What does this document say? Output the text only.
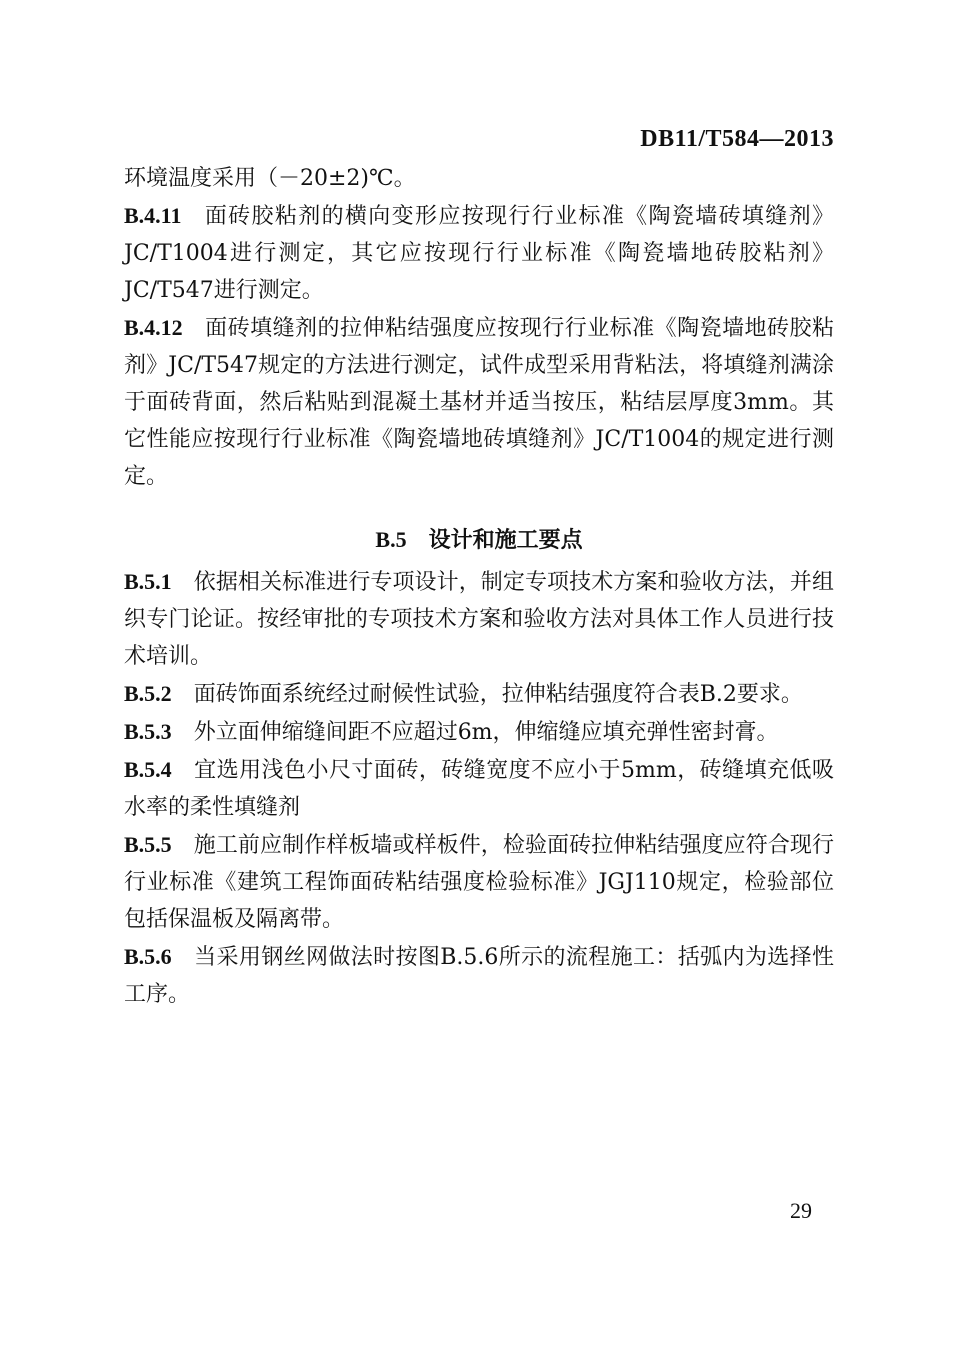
DB11/T584—2013

环境温度采用（－20±2)℃。

B.4.11 面砖胶粘剂的横向变形应按现行行业标准《陶瓷墙砖填缝剂》JC/T1004进行测定，其它应按现行行业标准《陶瓷墙地砖胶粘剂》JC/T547进行测定。

B.4.12 面砖填缝剂的拉伸粘结强度应按现行行业标准《陶瓷墙地砖胶粘剂》JC/T547规定的方法进行测定，试件成型采用背粘法，将填缝剂满涂于面砖背面，然后粘贴到混凝土基材并适当按压，粘结层厚度3mm。其它性能应按现行行业标准《陶瓷墙地砖填缝剂》JC/T1004的规定进行测定。

B.5 设计和施工要点

B.5.1 依据相关标准进行专项设计，制定专项技术方案和验收方法，并组织专门论证。按经审批的专项技术方案和验收方法对具体工作人员进行技术培训。

B.5.2 面砖饰面系统经过耐候性试验，拉伸粘结强度符合表B.2要求。

B.5.3 外立面伸缩缝间距不应超过6m，伸缩缝应填充弹性密封膏。

B.5.4 宜选用浅色小尺寸面砖，砖缝宽度不应小于5mm，砖缝填充低吸水率的柔性填缝剂

B.5.5 施工前应制作样板墙或样板件，检验面砖拉伸粘结强度应符合现行行业标准《建筑工程饰面砖粘结强度检验标准》JGJ110规定，检验部位包括保温板及隔离带。

B.5.6 当采用钢丝网做法时按图B.5.6所示的流程施工：括弧内为选择性工序。

29
